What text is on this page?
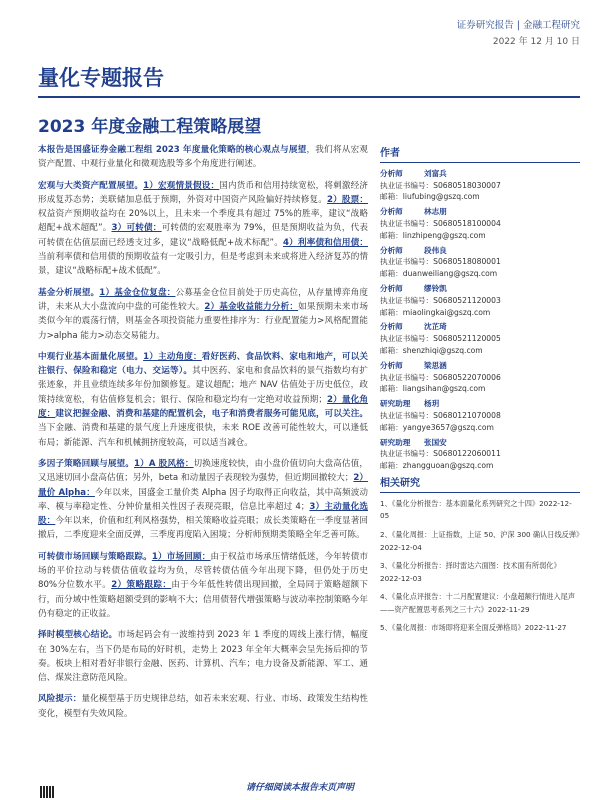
证券研究报告 | 金融工程研究
2022 年 12 月 10 日
量化专题报告
2023 年度金融工程策略展望

本报告是国盛证券金融工程组 2023 年度量化策略的核心观点与展望，我们将从宏观资产配置、中观行业量化和微观选股等多个角度进行阐述。

宏观与大类资产配置展望。1）宏观情景假设：国内货币和信用持续宽松，将刺激经济形成复苏态势；美联储加息低于预期，外资对中国资产风险偏好持续修复。2）股票：权益资产预期收益均在 20%以上，且未来一个季度具有超过 75%的胜率，建议“战略超配+战术超配”。3）可转债：可转债的宏观胜率为 79%，但是预期收益为负，代表可转债在估值层面已经透支过多，建议“战略低配+战术标配”。4）利率债和信用债：当前利率债和信用债的预期收益有一定吸引力，但是考虑到未来或将进入经济复苏的情景，建议“战略标配+战术低配”。

基金分析展望。1）基金仓位复盘：公募基金仓位目前处于历史高位，从存量博弈角度讲，未来从大小盘流向中盘的可能性较大。2）基金收益能力分析：如果预期未来市场类似今年的震荡行情，则基金各项投资能力重要性排序为：行业配置能力>风格配置能力>alpha 能力>动态交易能力。

中观行业基本面量化展望。1）主动角度：看好医药、食品饮料、家电和地产，可以关注银行、保险和稳定（电力、交运等）。其中医药、家电和食品饮料的景气指数均有扩张迹象，并且业绩连续多年份加额修复。建议超配；地产 NAV 估值处于历史低位，政策持续宽松，有估值修复机会；银行、保险和稳定均有一定绝对收益预期；2）量化角度：建议把握金融、消费和基建的配置机会，电子和消费者服务可能见底，可以关注。当下金融、消费和基建的景气度上升速度很快，未来 ROE 改善可能性较大，可以逢低布局；新能源、汽车和机械拥挤度较高，可以适当减仓。

多因子策略回顾与展望。1）A 股风格：切换速度较快，由小盘价值切向大盘高估值，又迅速切回小盘高估值；另外，beta 和动量因子表现较为强势，但近期回撤较大；2）量价 Alpha：今年以来，国盛金工量价类 Alpha 因子均取得正向收益，其中高频波动率、模与率稳定性、分钟价量相关性因子表现亮眼，信息比率超过 4；3）主动量化选股：今年以来，价值和红利风格强势，相关策略收益亮眼；成长类策略在一季度显著回撤后，二季度迎来全面反弹，三季度再度陷入困境；分析师预期类策略全年乏善可陈。

可转债市场回顾与策略跟踪。1）市场回顾：由于权益市场承压情绪低迷，今年转债市场的平价拉动与转债估值收益均为负，尽管转债估值今年出现下降，但仍处于历史 80%分位数水平。2）策略跟踪：由于今年低性转债出现回撤，全局同于策略超额下行，而分域中性策略超额受到的影响不大；信用债替代增强策略与波动率控制策略今年仍有稳定的正收益。

择时模型核心结论。市场起码会有一波维持到 2023 年 1 季度的周线上涨行情，幅度在 30%左右，当下仍是布局的好时机，走势上 2023 年全年大概率会呈先扬后抑的节奏。板块上相对看好非银行金融、医药、计算机、汽车；电力设备及新能源、军工、通信、煤炭注意防范风险。

风险提示：量化模型基于历史规律总结，如若未来宏观、行业、市场、政策发生结构性变化，模型有失效风险。

作者
分析师	刘富兵
执业证书编号：S0680518030007
邮箱：liufubing@gszq.com
分析师	林志朋
执业证书编号：S0680518100004
邮箱：linzhipeng@gszq.com
分析师	段伟良
执业证书编号：S0680518080001
邮箱：duanweiliang@gszq.com
分析师	缪铃凯
执业证书编号：S0680521120003
邮箱：miaolingkai@gszq.com
分析师	沈芷琦
执业证书编号：S0680521120005
邮箱：shenzhiqi@gszq.com
分析师	梁思涵
执业证书编号：S0680522070006
邮箱：liangsihan@gszq.com
研究助理	杨玥
执业证书编号：S0680121070008
邮箱：yangye3657@gszq.com
研究助理	张国安
执业证书编号：S0680122060011
邮箱：zhangguoan@gszq.com
相关研究
1、《量化分析报告：基本面量化系列研究之十四》2022-12-05
2、《量化周报：上证指数，上证 50、沪深 300 确认日线反弹》2022-12-04
3、《量化分析报告：择时雷达六面图：技术面有所弱化》2022-12-03
4、《量化点评报告：十二月配置建议：小盘超额行情进入尾声——资产配置思考系列之三十六》2022-11-29
5、《量化周报：市场即将迎来全面反弹格局》2022-11-27
请仔细阅读本报告末页声明
